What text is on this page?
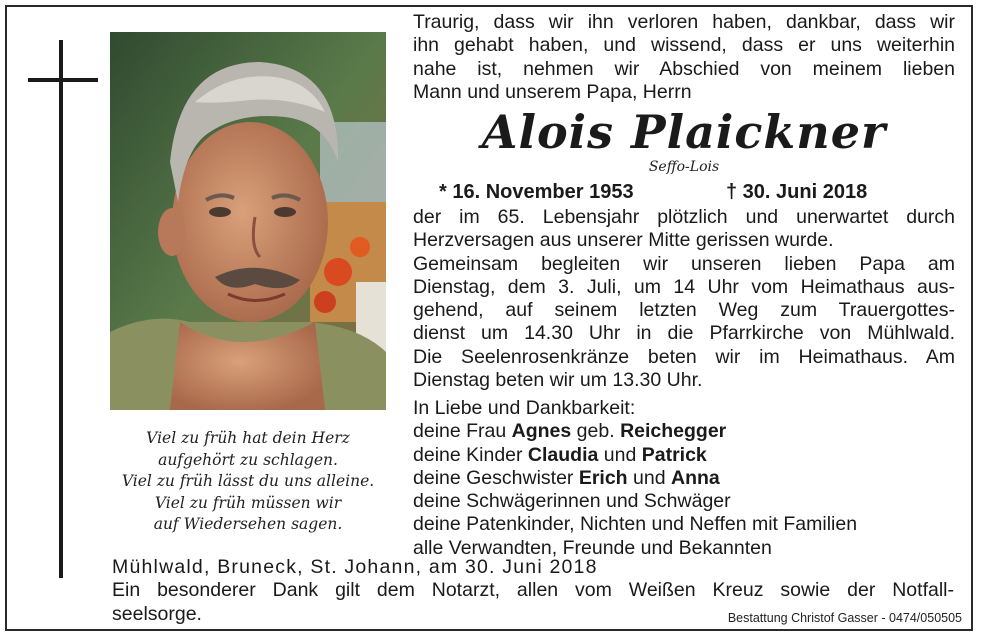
Viel zu früh hat dein Herz
aufgehört zu schlagen.
Viel zu früh lässt du uns alleine.
Viel zu früh müssen wir
auf Wiedersehen sagen.
Traurig, dass wir ihn verloren haben, dankbar, dass wir
ihn gehabt haben, und wissend, dass er uns weiterhin
nahe ist, nehmen wir Abschied von meinem lieben
Mann und unserem Papa, Herrn
Alois Plaickner
Seffo-Lois
* 16. November 1953	† 30. Juni 2018
der im 65. Lebensjahr plötzlich und unerwartet durch
Herzversagen aus unserer Mitte gerissen wurde.
Gemeinsam begleiten wir unseren lieben Papa am
Dienstag, dem 3. Juli, um 14 Uhr vom Heimathaus aus-
gehend, auf seinem letzten Weg zum Trauergottes-
dienst um 14.30 Uhr in die Pfarrkirche von Mühlwald.
Die Seelenrosenkränze beten wir im Heimathaus. Am
Dienstag beten wir um 13.30 Uhr.
In Liebe und Dankbarkeit:
deine Frau Agnes geb. Reichegger
deine Kinder Claudia und Patrick
deine Geschwister Erich und Anna
deine Schwägerinnen und Schwäger
deine Patenkinder, Nichten und Neffen mit Familien
alle Verwandten, Freunde und Bekannten
Mühlwald, Bruneck, St. Johann, am 30. Juni 2018
Ein besonderer Dank gilt dem Notarzt, allen vom Weißen Kreuz sowie der Notfall-
seelsorge.	Bestattung Christof Gasser - 0474/050505
